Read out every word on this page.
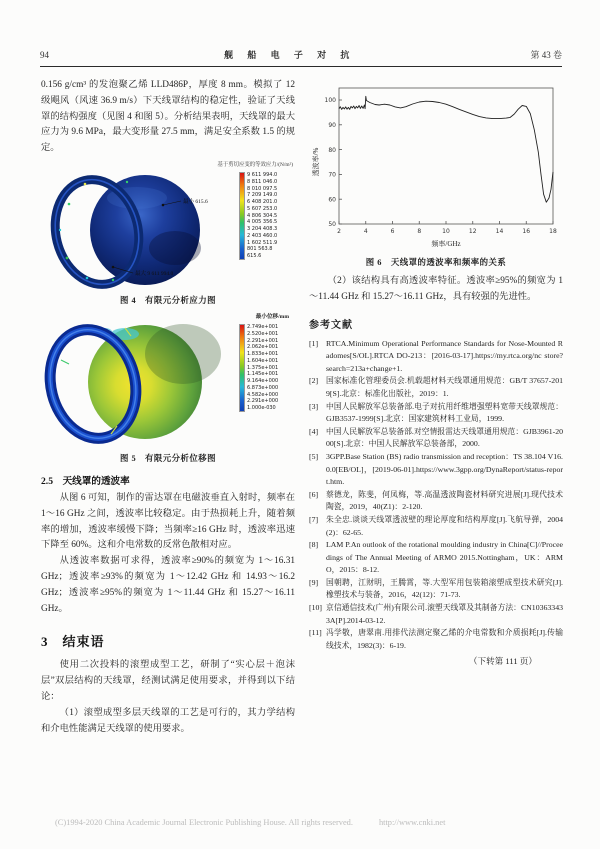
94	舰 船 电 子 对 抗	第 43 卷

0.156 g/cm³ 的发泡聚乙烯 LLD486P，厚度 8 mm。模拟了 12 级飓风（风速 36.9 m/s）下天线罩结构的稳定性，验证了天线罩的结构强度（见图 4 和图 5）。分析结果表明，天线罩的最大应力为 9.6 MPa，最大变形量 27.5 mm，满足安全系数 1.5 的规定。

基于剪切应变的等效应力/(N/m²)
最小 615.6
最大 9 611 994.0
9 611 994.0
8 811 046.0
8 010 097.5
7 209 149.0
6 408 201.0
5 607 253.0
4 806 304.5
4 005 356.5
3 204 408.3
2 403 460.0
1 602 511.9
801 563.8
615.6
图 4　有限元分析应力图
最小位移/mm
2.749e+001
2.520e+001
2.291e+001
2.062e+001
1.833e+001
1.604e+001
1.375e+001
1.145e+001
9.164e+000
6.873e+000
4.582e+000
2.291e+000
1.000e-030
图 5　有限元分析位移图
2.5　天线罩的透波率

从图 6 可知，制作的雷达罩在电磁波垂直入射时，频率在 1～16 GHz 之间，透波率比较稳定。由于热损耗上升，随着频率的增加，透波率缓慢下降；当频率≥16 GHz 时，透波率迅速下降至 60%。这和介电常数的反常色散相对应。

从透波率数据可求得，透波率≥90%的频宽为 1～16.31 GHz；透波率≥93%的频宽为 1～12.42 GHz 和 14.93～16.2 GHz；透波率≥95%的频宽为 1～11.44 GHz 和 15.27～16.11 GHz。

3　结束语

使用二次投料的滚塑成型工艺，研制了“实心层＋泡沫层”双层结构的天线罩，经测试满足使用要求，并得到以下结论：

（1）滚塑成型多层天线罩的工艺是可行的，其力学结构和介电性能满足天线罩的使用要求。

2	4	6	8	10	12	14	16	18
50
60
70
80
90
100
频率/GHz
透波率/%
图 6　天线罩的透波率和频率的关系

（2）该结构具有高透波率特征。透波率≥95%的频宽为 1～11.44 GHz 和 15.27～16.11 GHz，具有较强的先进性。

参考文献
[1]	RTCA.Minimum Operational Performance Standards for Nose-Mounted Radomes[S/OL].RTCA DO-213：[2016-03-17].https://my.rtca.org/nc store? search=213a+change+1.
[2]	国家标准化管理委员会.机载超材料天线罩通用规范：GB/T 37657-2019[S].北京：标准化出版社，2019：1.
[3]	中国人民解放军总装备部.电子对抗用纤维增强塑料宽带天线罩规范：GJB3537-1999[S].北京：国家建筑材料工业局，1999.
[4]	中国人民解放军总装备部.对空情报雷达天线罩通用规范：GJB3961-2000[S].北京：中国人民解放军总装备部，2000.
[5]	3GPP.Base Station (BS) radio transmission and reception：TS 38.104 V16.0.0[EB/OL]，[2019-06-01].https://www.3gpp.org/DynaReport/status-report.htm.
[6]	蔡德龙，陈斐，何凤梅，等.高温透波陶瓷材料研究进展[J].现代技术陶瓷，2019，40(Z1)：2-120.
[7]	朱全忠.谈谈天线罩透波壁的理论厚度和结构厚度[J].飞航导弹，2004(2)：62-65.
[8]	LAM P.An outlook of the rotational moulding industry in China[C]//Proceedings of The Annual Meeting of ARMO 2015.Nottingham，UK：ARMO，2015：8-12.
[9]	国朝聘，江财明，王腾霄，等.大型军用包装箱滚塑成型技术研究[J].橡塑技术与装备，2016，42(12)：71-73.
[10] 京信通信技术(广州)有限公司.滚塑天线罩及其制备方法：CN103633433A[P].2014-03-12.
[11] 冯学敬，唐翠南.用排代法测定聚乙烯的介电常数和介质损耗[J].传输线技术，1982(3)：6-19.
（下转第 111 页）
(C)1994-2020 China Academic Journal Electronic Publishing House. All rights reserved.	http://www.cnki.net
